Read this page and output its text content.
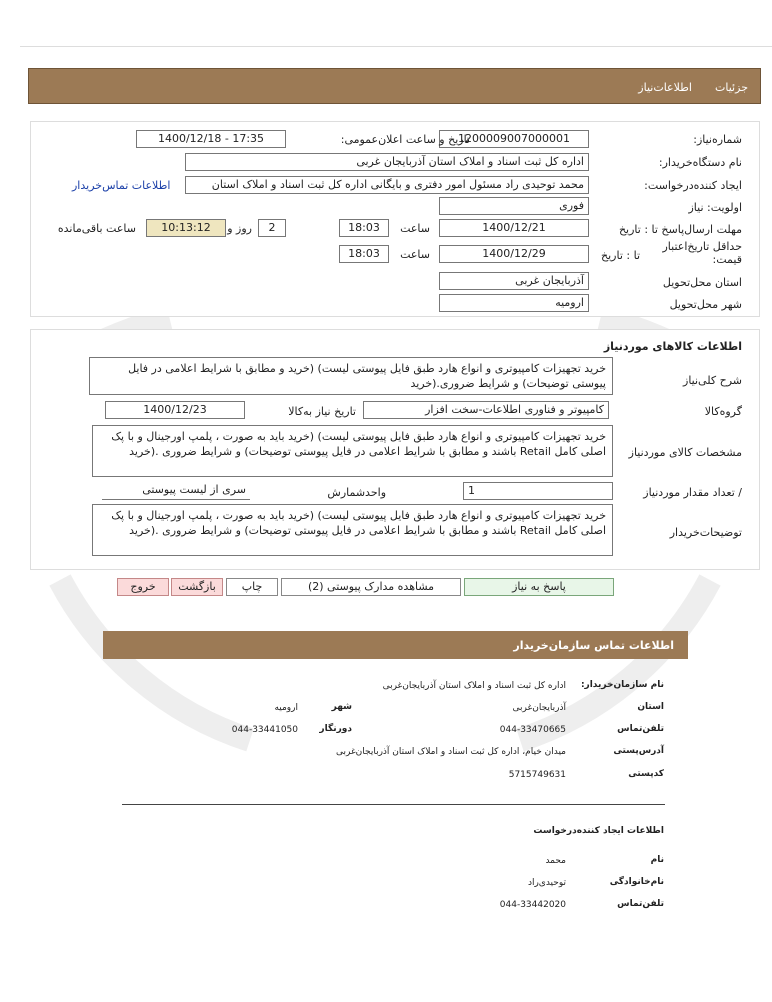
جزئیات
اطلاعات‌نیاز
شماره‌نیاز:
1200009007000001
تاریخ و ساعت اعلان‌عمومی:
1400/12/18 - 17:35
نام دستگاه‌خریدار:
اداره کل ثبت اسناد و املاک استان آذربایجان غربی
ایجاد کننده‌درخواست:
محمد توحیدی راد مسئول امور دفتری و بایگانی اداره کل ثبت اسناد و املاک استان
اطلاعات تماس‌خریدار
اولویت: نیاز
فوری
مهلت ارسال‌پاسخ تا : تاریخ
1400/12/21
ساعت
18:03
2
روز و
10:13:12
ساعت باقی‌مانده
حداقل تاریخ‌اعتبار قیمت:
تا : تاریخ
1400/12/29
ساعت
18:03
استان محل‌تحویل
آذربایجان غربی
شهر محل‌تحویل
ارومیه
اطلاعات کالاهای موردنیاز
شرح کلی‌نیاز
خرید تجهیزات کامپیوتری و انواع هارد طبق فایل پیوستی لیست) (خرید و مطابق با شرایط اعلامی در فایل پیوستی توضیحات) و شرایط ضروری.(خرید
گروه‌کالا
کامپیوتر و فناوری اطلاعات-سخت افزار
تاریخ نیاز به‌کالا
1400/12/23
مشخصات کالای مورد‌نیاز
خرید تجهیزات کامپیوتری و انواع هارد طبق فایل پیوستی لیست) (خرید باید به صورت ، پلمپ اورجینال و با پک اصلی کامل Retail باشند و مطابق با شرایط اعلامی در فایل پیوستی توضیحات) و شرایط ضروری .(خرید
/ تعداد مقدار مورد‌نیاز
1
واحد‌شمارش
سری از لیست پیوستی
توضیحات‌خریدار
خرید تجهیزات کامپیوتری و انواع هارد طبق فایل پیوستی لیست) (خرید باید به صورت ، پلمپ اورجینال و با پک اصلی کامل Retail باشند و مطابق با شرایط اعلامی در فایل پیوستی توضیحات) و شرایط ضروری .(خرید
پاسخ به نیاز
مشاهده مدارک پیوستی (2)
چاپ
بازگشت
خروج
اطلاعات تماس سازمان‌خریدار
نام سازمان‌خریدار:
اداره کل ثبت اسناد و املاک استان آذربایجان‌غربی
استان
آذربایجان‌غربی
شهر
ارومیه
تلفن‌تماس
044-33470665
دورنگار
044-33441050
آدرس‌پستی
میدان خیام، اداره کل ثبت اسناد و املاک استان آذربایجان‌غربی
کد‌پستی
5715749631
اطلاعات ایجاد کننده‌درخواست
نام
محمد
نام‌خانوادگی
توحیدی‌راد
تلفن‌تماس
044-33442020
